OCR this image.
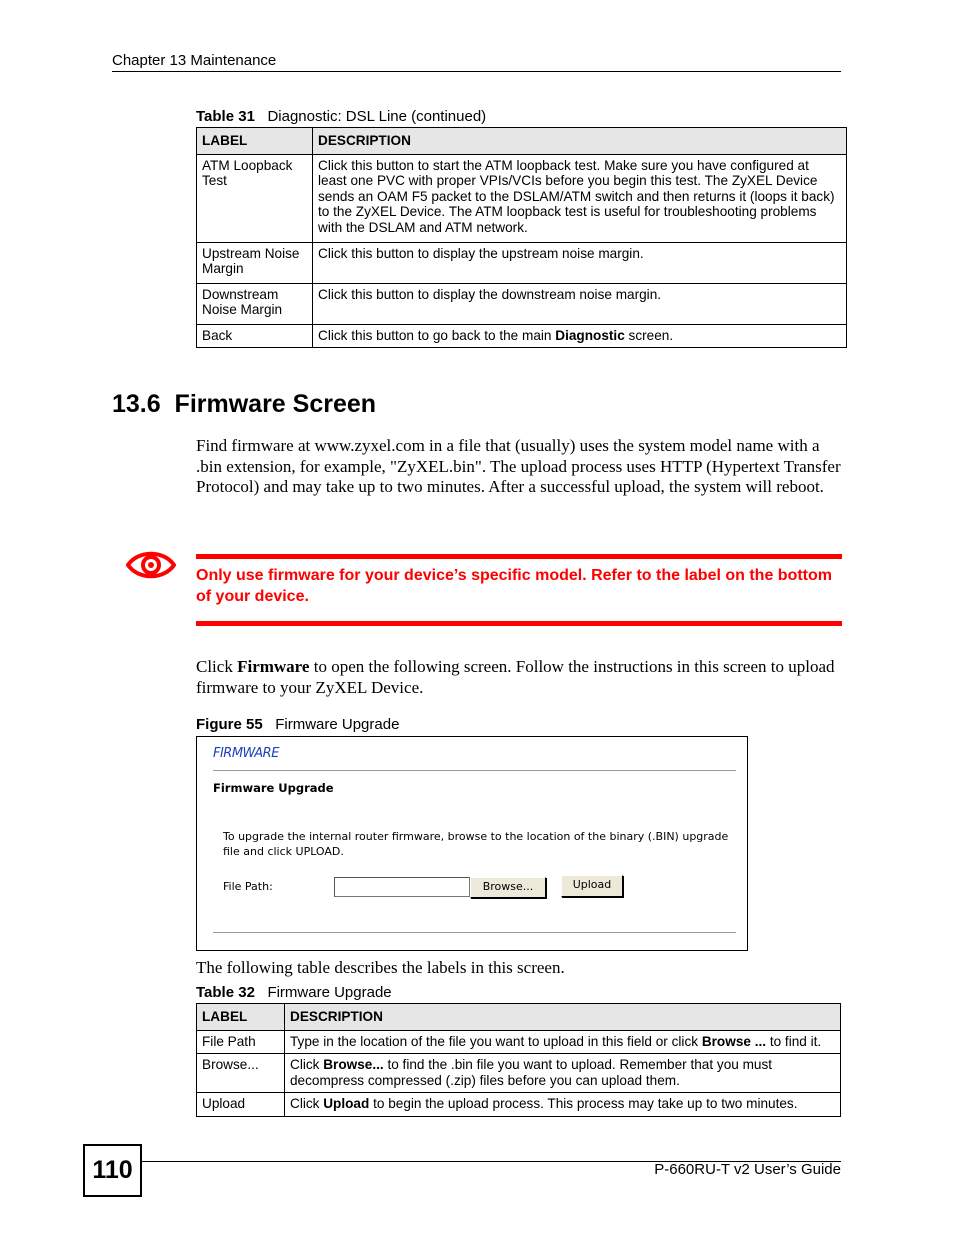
Chapter 13 Maintenance
Table 31 Diagnostic: DSL Line (continued)
LABEL	DESCRIPTION
ATM Loopback Test	Click this button to start the ATM loopback test. Make sure you have configured at least one PVC with proper VPIs/VCIs before you begin this test. The ZyXEL Device sends an OAM F5 packet to the DSLAM/ATM switch and then returns it (loops it back) to the ZyXEL Device. The ATM loopback test is useful for troubleshooting problems with the DSLAM and ATM network.
Upstream Noise Margin	Click this button to display the upstream noise margin.
Downstream Noise Margin	Click this button to display the downstream noise margin.
Back	Click this button to go back to the main Diagnostic screen.
13.6  Firmware Screen
Find firmware at www.zyxel.com in a file that (usually) uses the system model name with a .bin extension, for example, "ZyXEL.bin". The upload process uses HTTP (Hypertext Transfer Protocol) and may take up to two minutes. After a successful upload, the system will reboot.
Only use firmware for your device’s specific model. Refer to the label on the bottom of your device.
Click Firmware to open the following screen. Follow the instructions in this screen to upload firmware to your ZyXEL Device.
Figure 55 Firmware Upgrade
FIRMWARE
Firmware Upgrade
To upgrade the internal router firmware, browse to the location of the binary (.BIN) upgrade file and click UPLOAD.
File Path:	Browse...	Upload
The following table describes the labels in this screen.
Table 32 Firmware Upgrade
LABEL	DESCRIPTION
File Path	Type in the location of the file you want to upload in this field or click Browse ... to find it.
Browse...	Click Browse... to find the .bin file you want to upload. Remember that you must decompress compressed (.zip) files before you can upload them.
Upload	Click Upload to begin the upload process. This process may take up to two minutes.
110	P-660RU-T v2 User’s Guide
